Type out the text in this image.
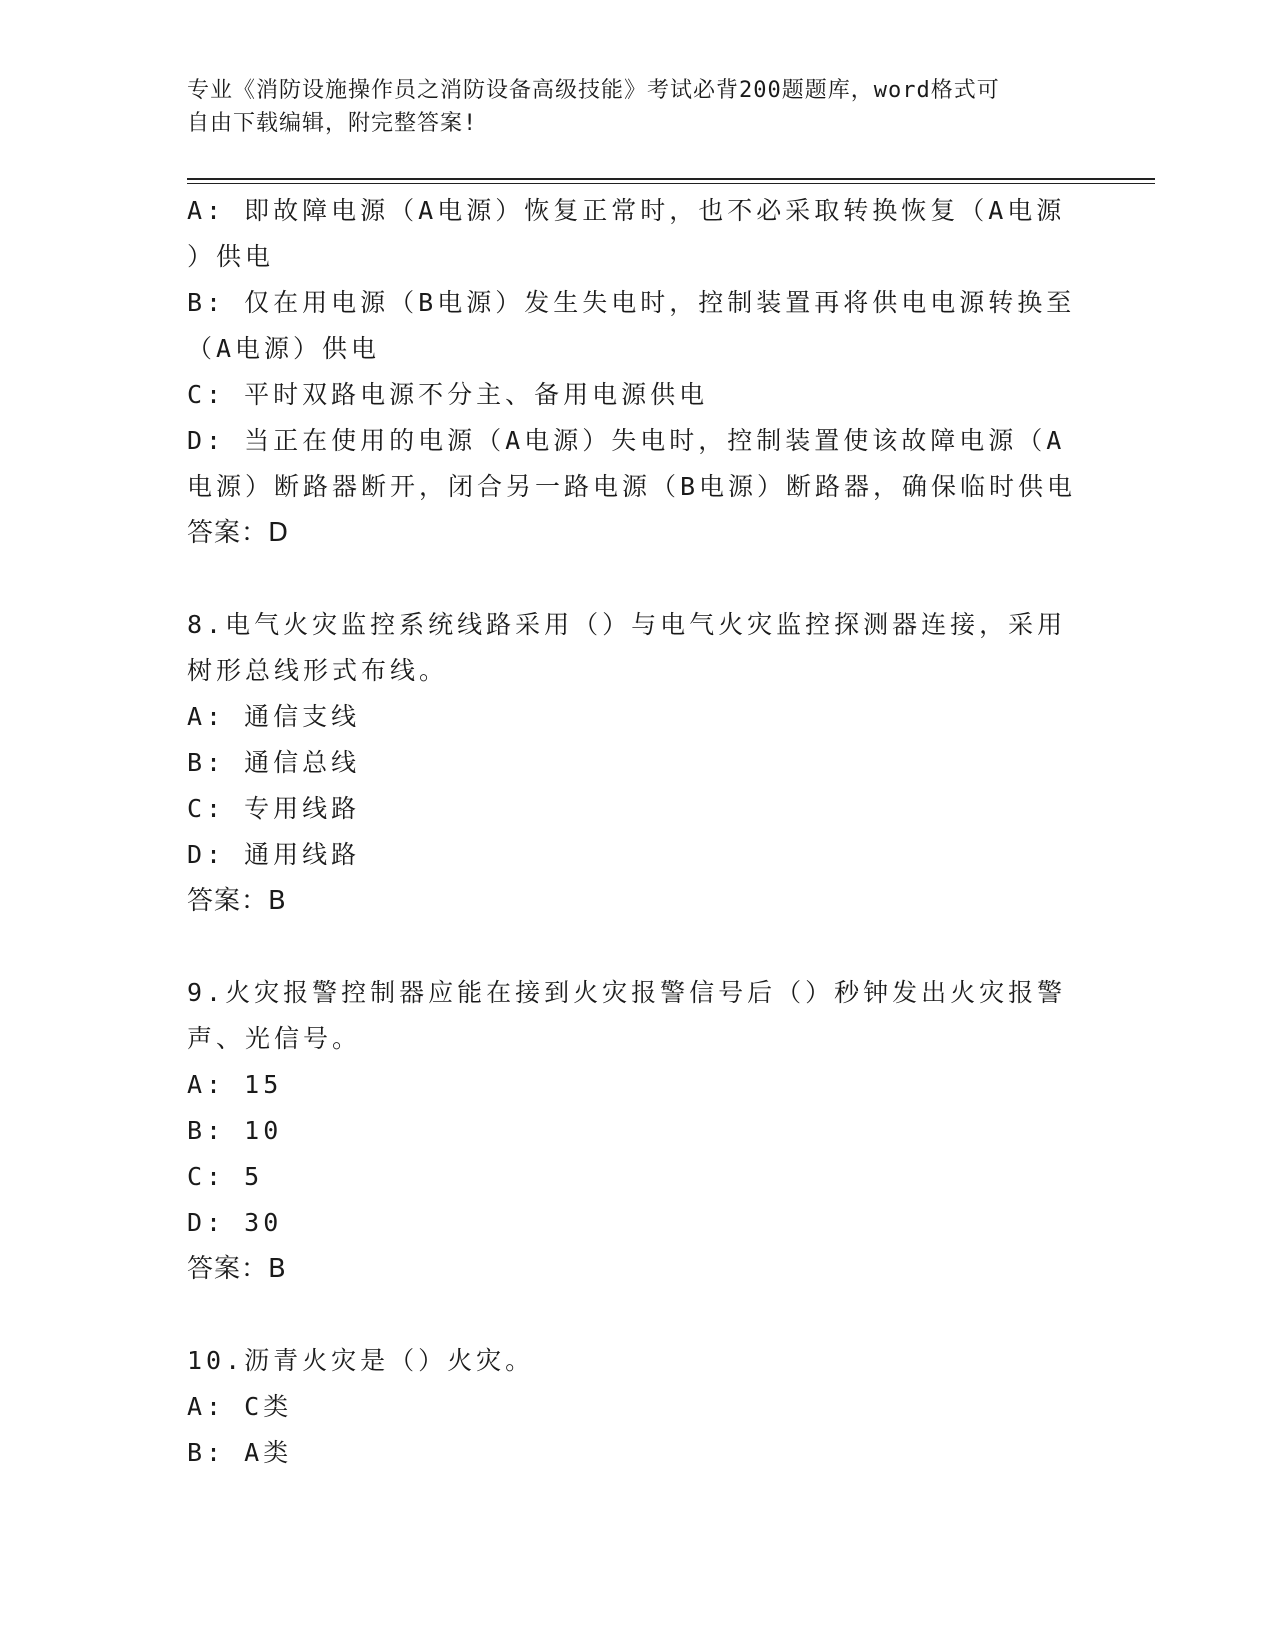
专业《消防设施操作员之消防设备高级技能》考试必背200题题库，word格式可
自由下载编辑，附完整答案!
A: 即故障电源（A电源）恢复正常时，也不必采取转换恢复（A电源
）供电
B: 仅在用电源（B电源）发生失电时，控制装置再将供电电源转换至
（A电源）供电
C: 平时双路电源不分主、备用电源供电
D: 当正在使用的电源（A电源）失电时，控制装置使该故障电源（A
电源）断路器断开，闭合另一路电源（B电源）断路器，确保临时供电
答案：D
8.电气火灾监控系统线路采用（）与电气火灾监控探测器连接，采用
树形总线形式布线。
A: 通信支线
B: 通信总线
C: 专用线路
D: 通用线路
答案：B
9.火灾报警控制器应能在接到火灾报警信号后（）秒钟发出火灾报警
声、光信号。
A: 15
B: 10
C: 5
D: 30
答案：B
10.沥青火灾是（）火灾。
A: C类
B: A类
